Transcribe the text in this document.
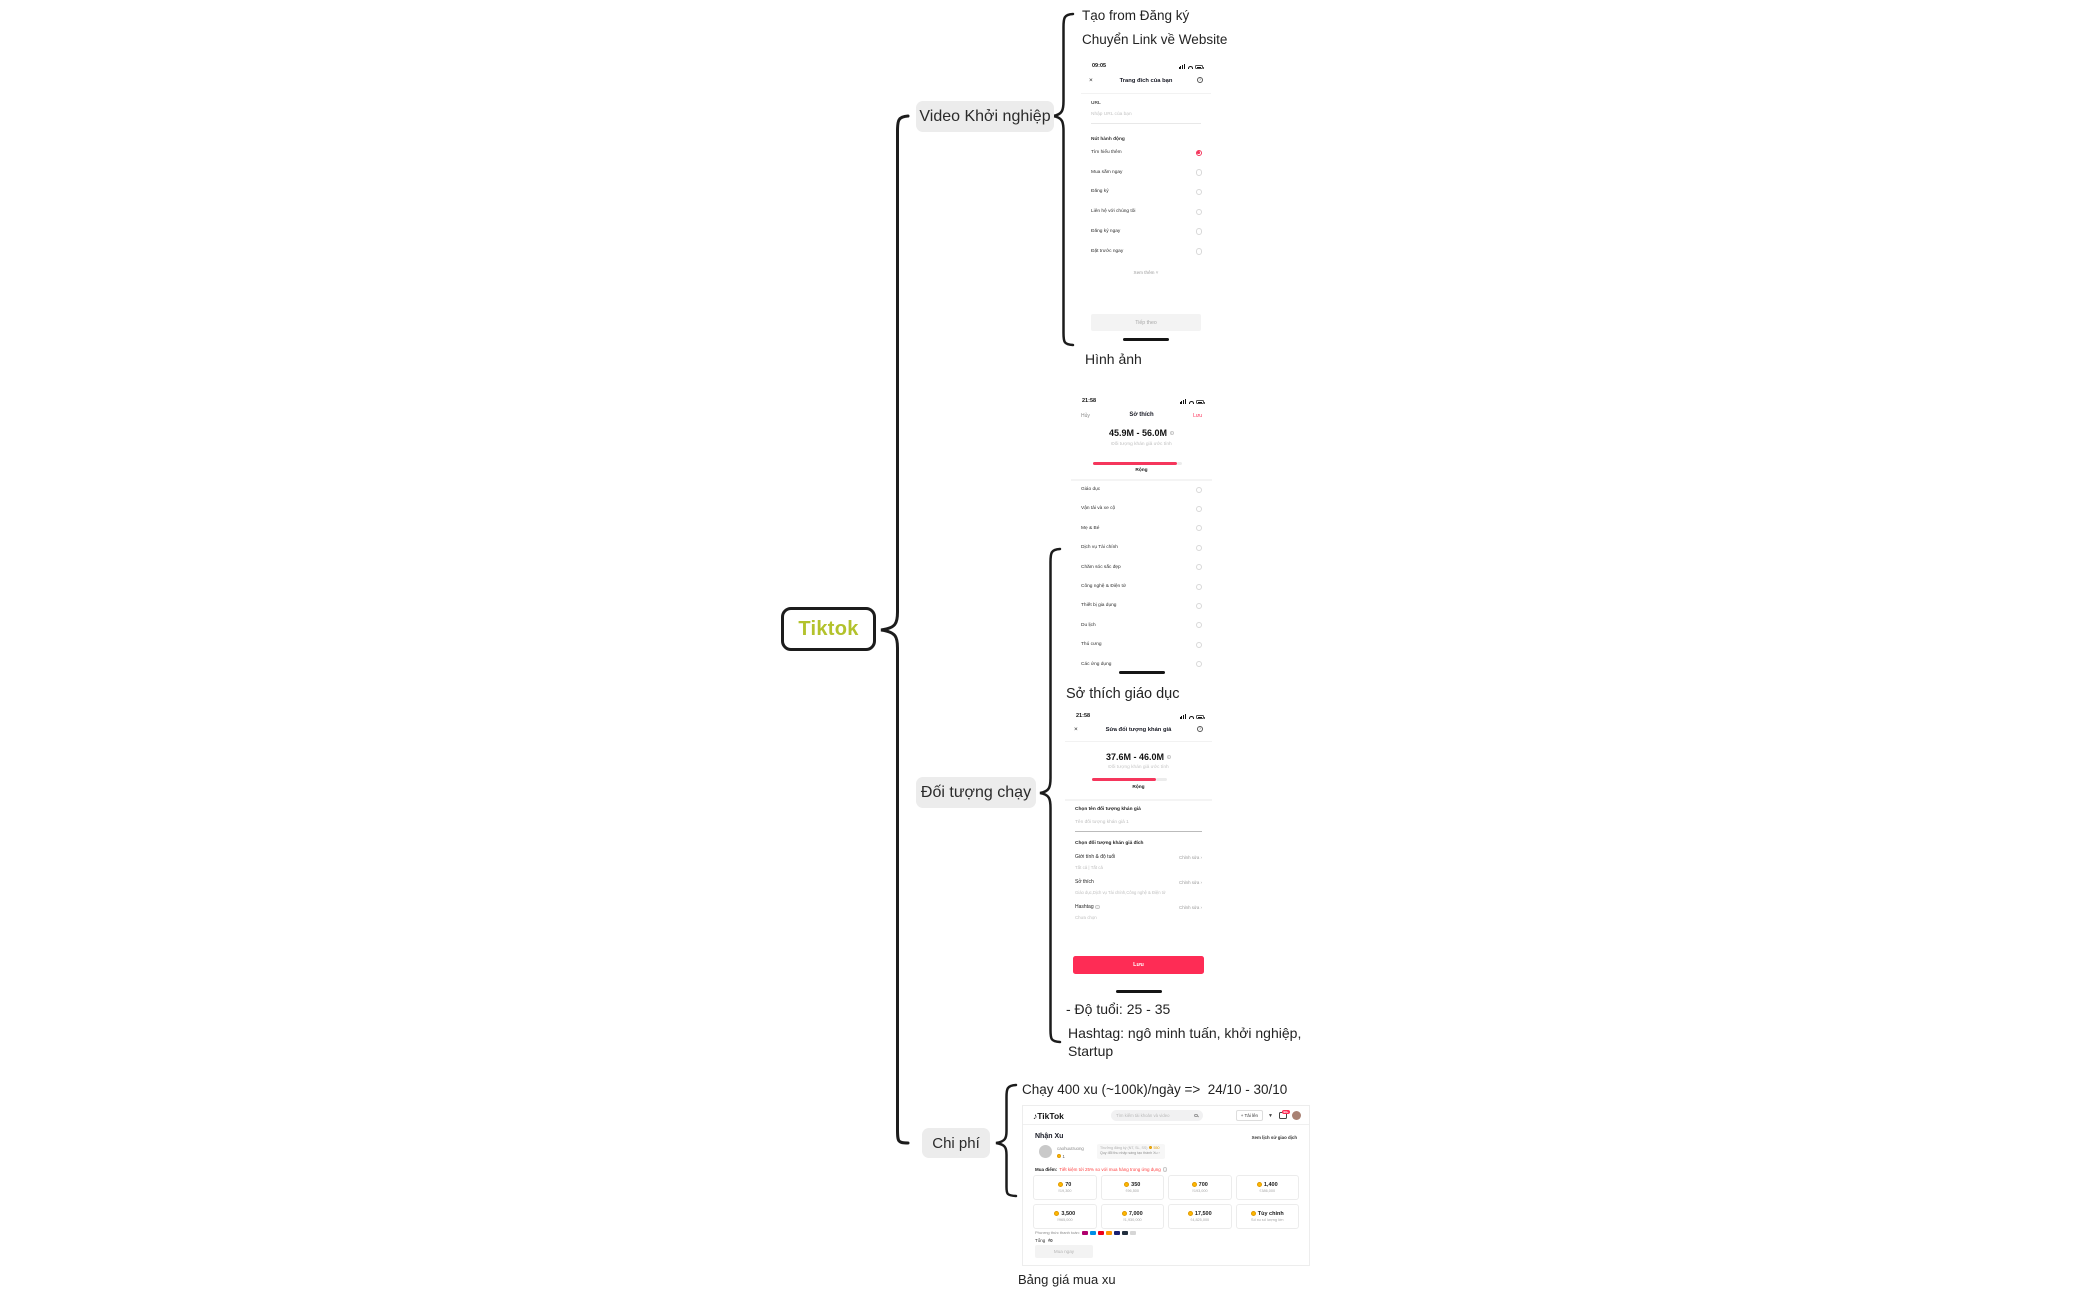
Tiktok
Video Khởi nghiệp
Đối tượng chạy
Chi phí
Tạo from Đăng ký
Chuyển Link về Website
Hình ảnh
Sở thích giáo dục
- Độ tuổi: 25 - 35
Hashtag: ngô minh tuấn, khởi nghiệp, Startup
Chạy 400 xu (~100k)/ngày =>  24/10 - 30/10
Bảng giá mua xu
09:05
×	Trang đích của bạn	?
URL
Nhập URL của bạn
Nút hành động
Tìm hiểu thêm
Mua sắm ngay
Đăng ký
Liên hệ với chúng tôi
Đăng ký ngay
Đặt trước ngay
Xem thêm ˅
Tiếp theo
21:58
Hủy	Sở thích	Lưu
45.9M - 56.0M i
Đối tượng khán giả ước tính
Rộng
Giáo dục
Vận tải và xe cộ
Mẹ & Bé
Dịch vụ Tài chính
Chăm sóc sắc đẹp
Công nghệ & Điện tử
Thiết bị gia dụng
Du lịch
Thú cưng
Các ứng dụng
21:58
×	Sửa đối tượng khán giả	?
37.6M - 46.0M i
Đối tượng khán giả ước tính
Rộng
Chọn tên đối tượng khán giả
Tên đối tượng khán giả 1
Chọn đối tượng khán giả đích
Giới tính & độ tuổi	Chỉnh sửa ›
Tất cả | Tất cả
Sở thích	Chỉnh sửa ›
Giáo dục,Dịch vụ Tài chính,Công nghệ & Điện tử
Hashtag i	Chỉnh sửa ›
Chưa chọn
Lưu
♪TikTok	Tìm kiếm tài khoản và video	+ Tải lên	▼
99+
Nhận Xu	Xem lịch sử giao dịch
caohuutruong
1
Thưởng đăng ký (NT, SL, SS) 550
Quy đổi thu nhập sáng tạo thành Xu ›
Mua điểm: Tiết kiệm tới 25% so với mua hàng trong ứng dụng	i
70
₫19,300
350
₫96,500
700
₫193,000
1,400
₫386,000
3,500
₫965,000
7,000
₫1,930,000
17,500
₫4,825,000
Tùy chỉnh
Số xu số lượng lớn
Phương thức thanh toán:
Tổng ₫0
Mua ngay
